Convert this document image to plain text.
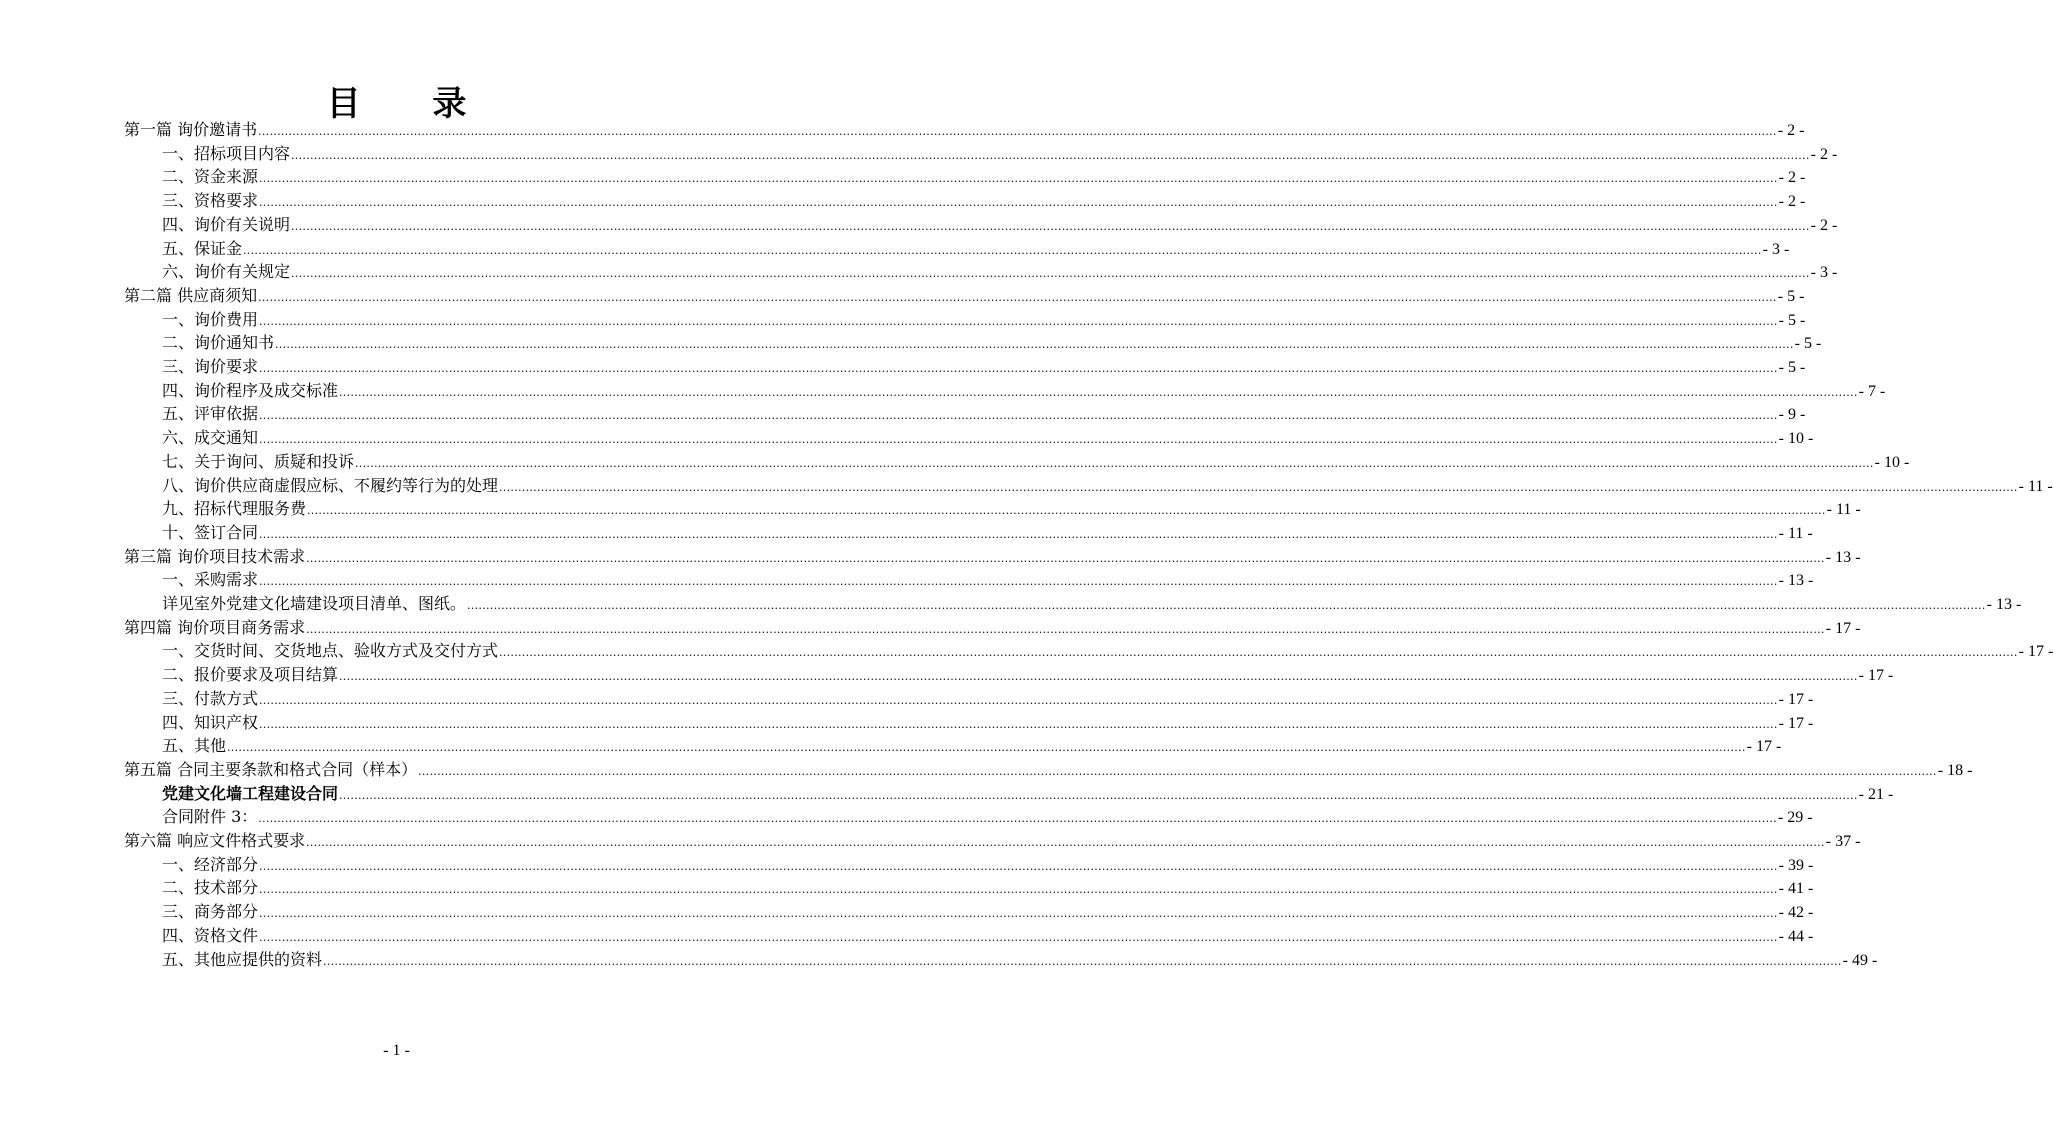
目 录
第一篇 询价邀请书 ................................................................................................................................................................................................................................................................................................................................................................................................................ - 2 -
一、招标项目内容 ................................................................................................................................................................................................................................................................................................................................................................................................................ - 2 -
二、资金来源 ................................................................................................................................................................................................................................................................................................................................................................................................................ - 2 -
三、资格要求 ................................................................................................................................................................................................................................................................................................................................................................................................................ - 2 -
四、询价有关说明 ................................................................................................................................................................................................................................................................................................................................................................................................................ - 2 -
五、保证金 ................................................................................................................................................................................................................................................................................................................................................................................................................ - 3 -
六、询价有关规定 ................................................................................................................................................................................................................................................................................................................................................................................................................ - 3 -
第二篇 供应商须知 ................................................................................................................................................................................................................................................................................................................................................................................................................ - 5 -
一、询价费用 ................................................................................................................................................................................................................................................................................................................................................................................................................ - 5 -
二、询价通知书 ................................................................................................................................................................................................................................................................................................................................................................................................................ - 5 -
三、询价要求 ................................................................................................................................................................................................................................................................................................................................................................................................................ - 5 -
四、询价程序及成交标准 ................................................................................................................................................................................................................................................................................................................................................................................................................ - 7 -
五、评审依据 ................................................................................................................................................................................................................................................................................................................................................................................................................ - 9 -
六、成交通知 ................................................................................................................................................................................................................................................................................................................................................................................................................ - 10 -
七、关于询问、质疑和投诉 ................................................................................................................................................................................................................................................................................................................................................................................................................ - 10 -
八、询价供应商虚假应标、不履约等行为的处理 ................................................................................................................................................................................................................................................................................................................................................................................................................ - 11 -
九、招标代理服务费 ................................................................................................................................................................................................................................................................................................................................................................................................................ - 11 -
十、签订合同 ................................................................................................................................................................................................................................................................................................................................................................................................................ - 11 -
第三篇 询价项目技术需求 ................................................................................................................................................................................................................................................................................................................................................................................................................ - 13 -
一、采购需求 ................................................................................................................................................................................................................................................................................................................................................................................................................ - 13 -
详见室外党建文化墙建设项目清单、图纸。 ................................................................................................................................................................................................................................................................................................................................................................................................................ - 13 -
第四篇 询价项目商务需求 ................................................................................................................................................................................................................................................................................................................................................................................................................ - 17 -
一、交货时间、交货地点、验收方式及交付方式 ................................................................................................................................................................................................................................................................................................................................................................................................................ - 17 -
二、报价要求及项目结算 ................................................................................................................................................................................................................................................................................................................................................................................................................ - 17 -
三、付款方式 ................................................................................................................................................................................................................................................................................................................................................................................................................ - 17 -
四、知识产权 ................................................................................................................................................................................................................................................................................................................................................................................................................ - 17 -
五、其他 ................................................................................................................................................................................................................................................................................................................................................................................................................ - 17 -
第五篇 合同主要条款和格式合同（样本） ................................................................................................................................................................................................................................................................................................................................................................................................................ - 18 -
党建文化墙工程建设合同 ................................................................................................................................................................................................................................................................................................................................................................................................................ - 21 -
合同附件 3： ................................................................................................................................................................................................................................................................................................................................................................................................................ - 29 -
第六篇 响应文件格式要求 ................................................................................................................................................................................................................................................................................................................................................................................................................ - 37 -
一、经济部分 ................................................................................................................................................................................................................................................................................................................................................................................................................ - 39 -
二、技术部分 ................................................................................................................................................................................................................................................................................................................................................................................................................ - 41 -
三、商务部分 ................................................................................................................................................................................................................................................................................................................................................................................................................ - 42 -
四、资格文件 ................................................................................................................................................................................................................................................................................................................................................................................................................ - 44 -
五、其他应提供的资料 ................................................................................................................................................................................................................................................................................................................................................................................................................ - 49 -
- 1 -
